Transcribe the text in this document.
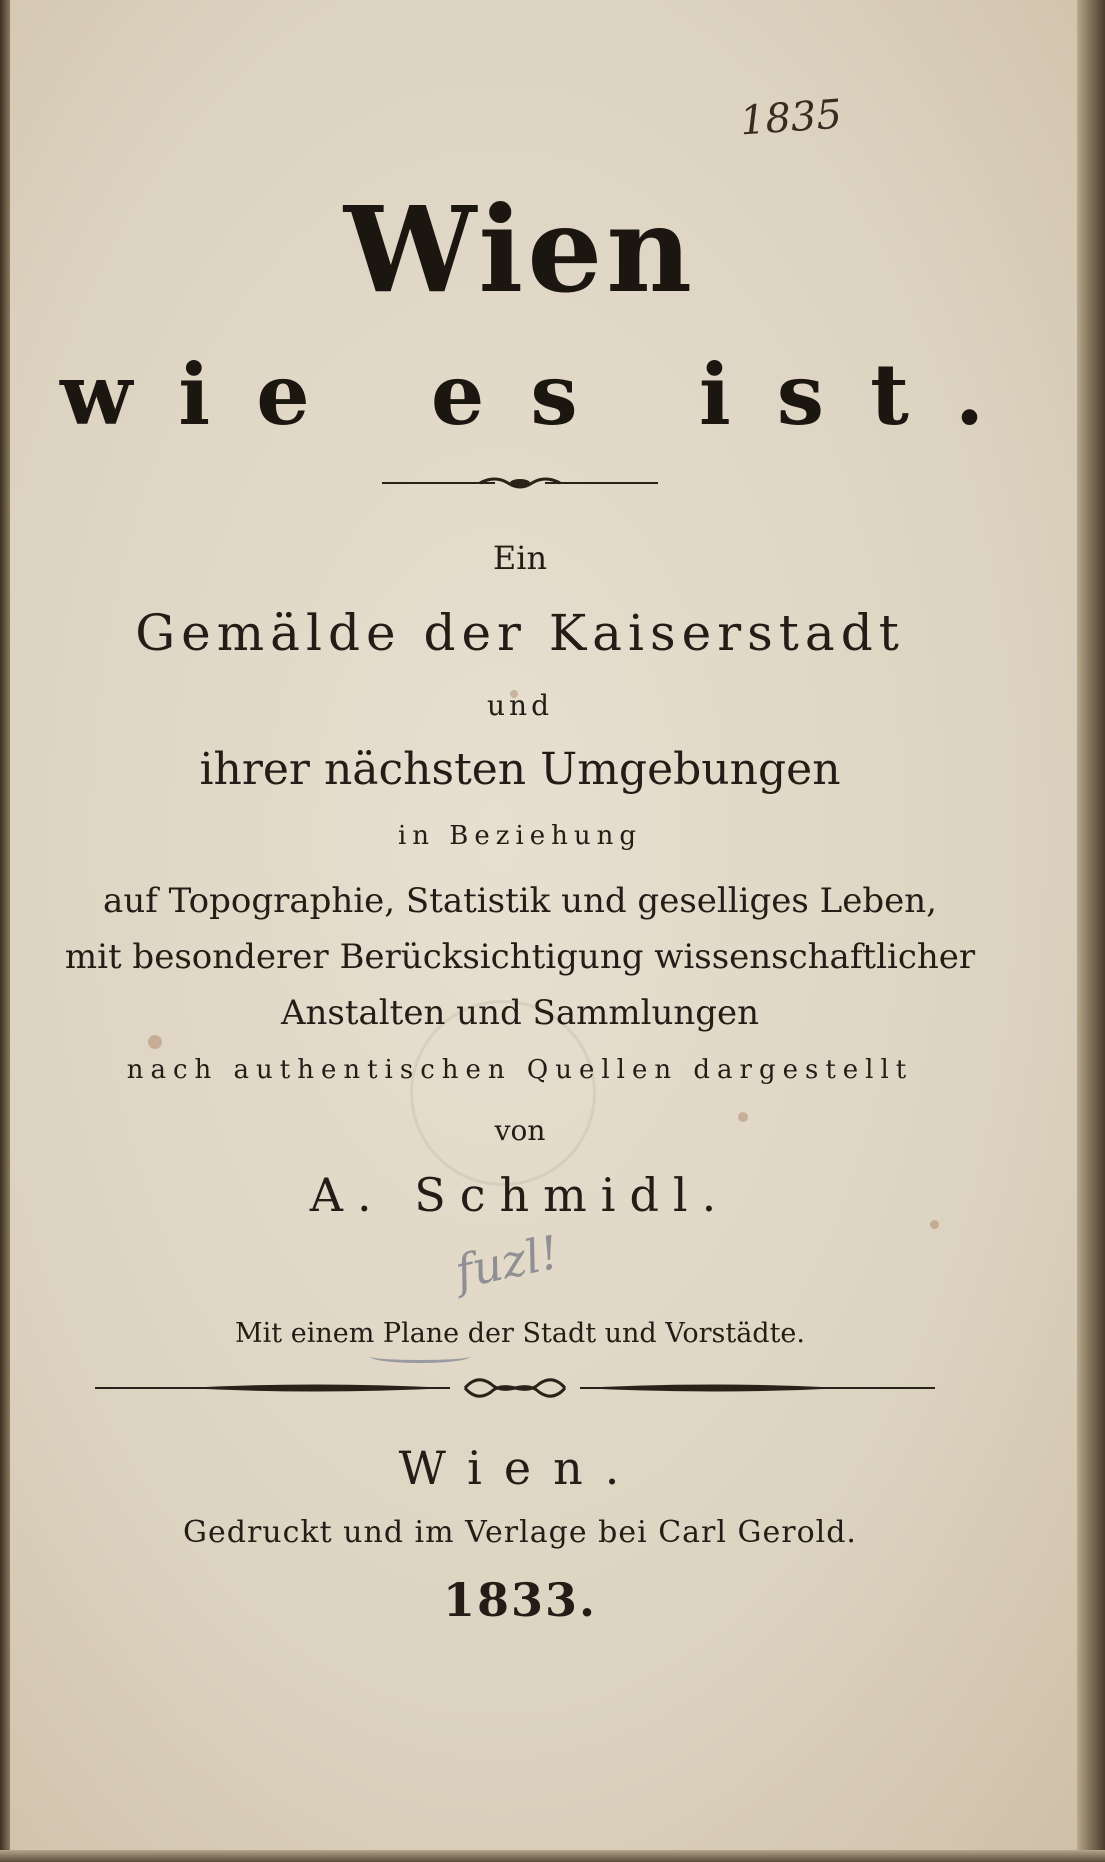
1835
Wien
wie es ist.
Ein
Gemälde der Kaiserstadt
und
ihrer nächsten Umgebungen
in Beziehung
auf Topographie, Statistik und geselliges Leben,
mit besonderer Berücksichtigung wissenschaftlicher
Anstalten und Sammlungen
nach authentischen Quellen dargestellt
von
A. Schmidl.
fuzl!
Mit einem Plane der Stadt und Vorstädte.
Wien.
Gedruckt und im Verlage bei Carl Gerold.
1833.
